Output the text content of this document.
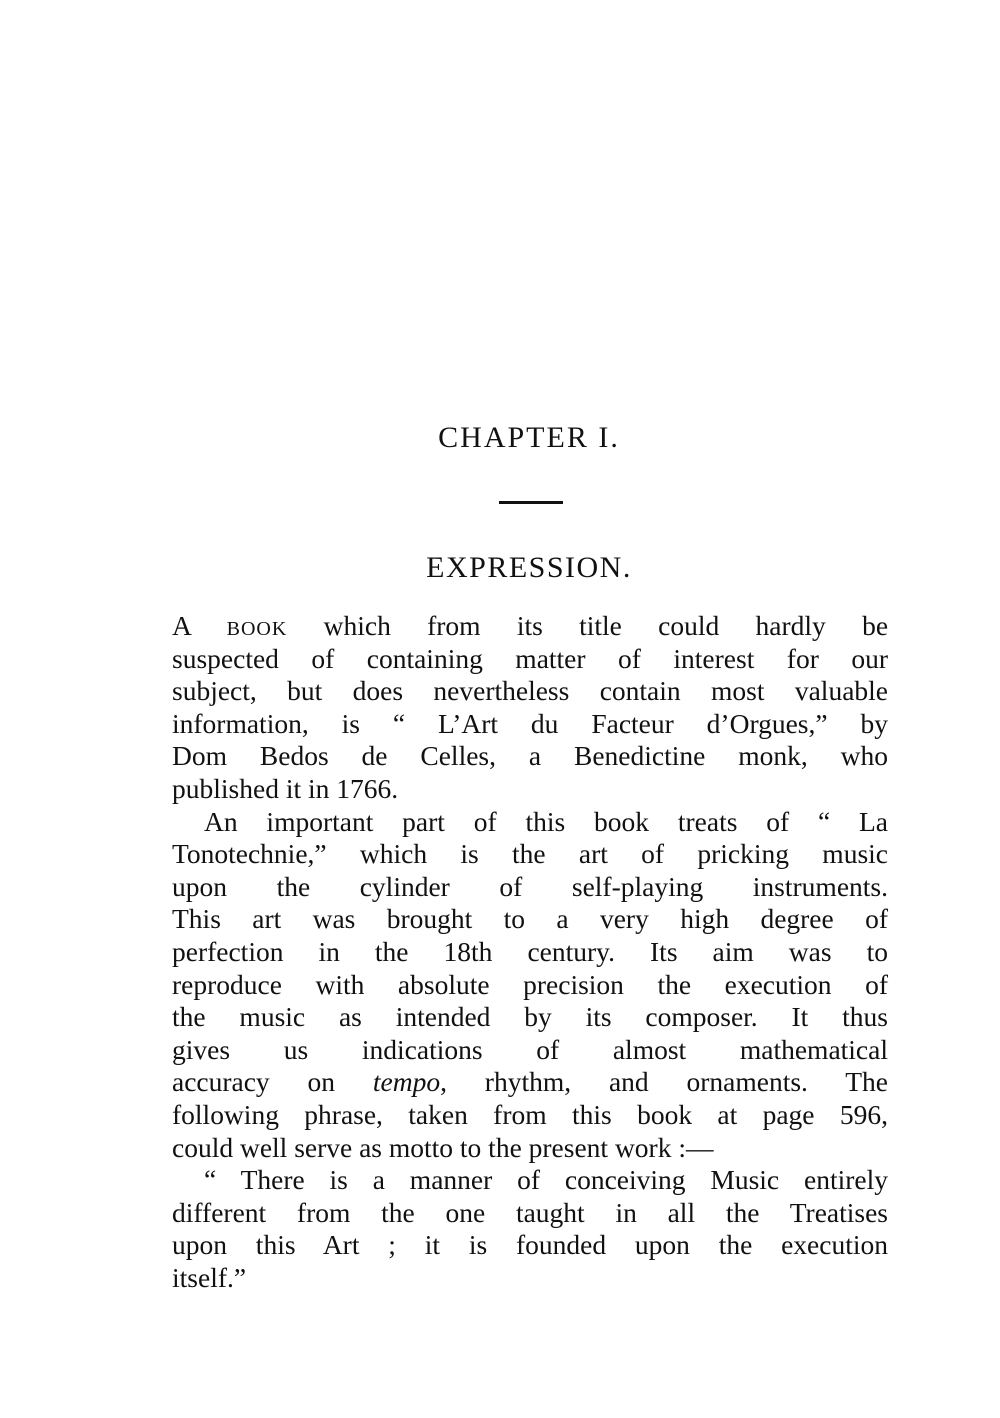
CHAPTER I.
EXPRESSION.
A BOOK which from its title could hardly be
suspected of containing matter of interest for our
subject, but does nevertheless contain most valuable
information, is “ L’Art du Facteur d’Orgues,” by
Dom Bedos de Celles, a Benedictine monk, who
published it in 1766.
An important part of this book treats of “ La
Tonotechnie,” which is the art of pricking music
upon the cylinder of self-playing instruments.
This art was brought to a very high degree of
perfection in the 18th century. Its aim was to
reproduce with absolute precision the execution of
the music as intended by its composer. It thus
gives us indications of almost mathematical
accuracy on tempo, rhythm, and ornaments. The
following phrase, taken from this book at page 596,
could well serve as motto to the present work :—
“ There is a manner of conceiving Music entirely
different from the one taught in all the Treatises
upon this Art ; it is founded upon the execution
itself.”
